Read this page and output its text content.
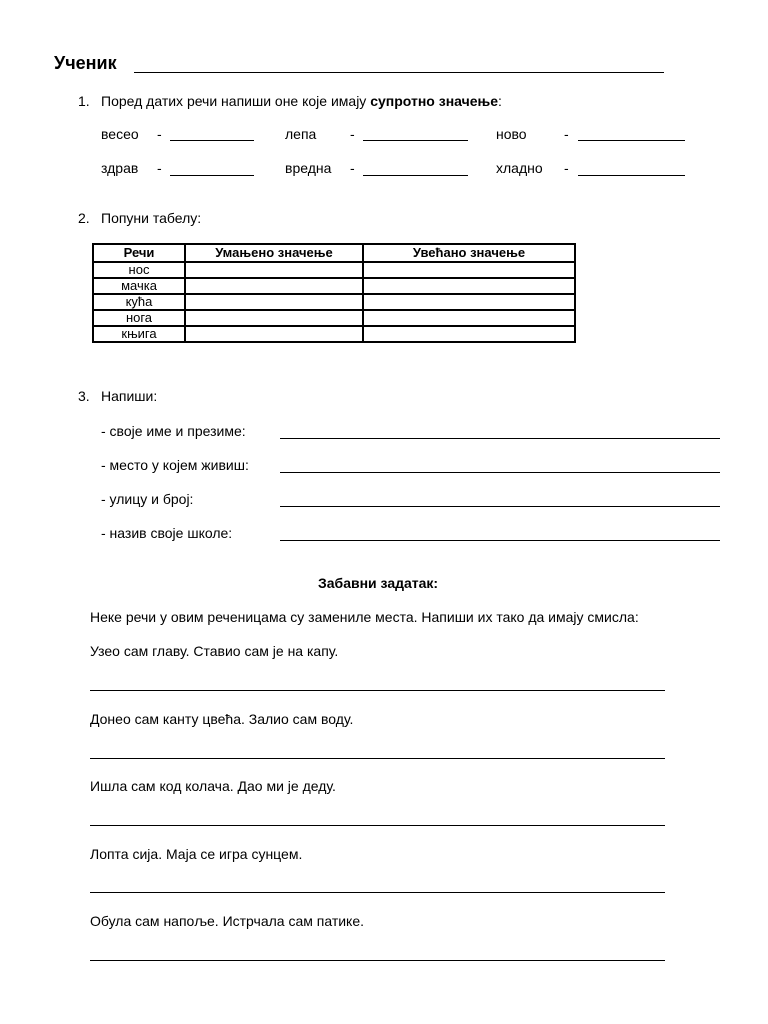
Ученик
1. Поред датих речи напиши оне које имају супротно значење:
весео -	лепа -	ново	-
здрав -	вредна -	хладно -
2. Попуни табелу:
Речи	Умањено значење	Увећано значење
нос		
мачка		
кућа		
нога		
књига		
3. Напиши:
- своје име и презиме:
- место у којем живиш:
- улицу и број:
- назив своје школе:
Забавни задатак:
Неке речи у овим реченицама су замениле места. Напиши их тако да имају смисла:
Узео сам главу. Ставио сам је на капу.
Донео сам канту цвећа. Залио сам воду.
Ишла сам код колача. Дао ми је деду.
Лопта сија. Маја се игра сунцем.
Обула сам напоље. Истрчала сам патике.
